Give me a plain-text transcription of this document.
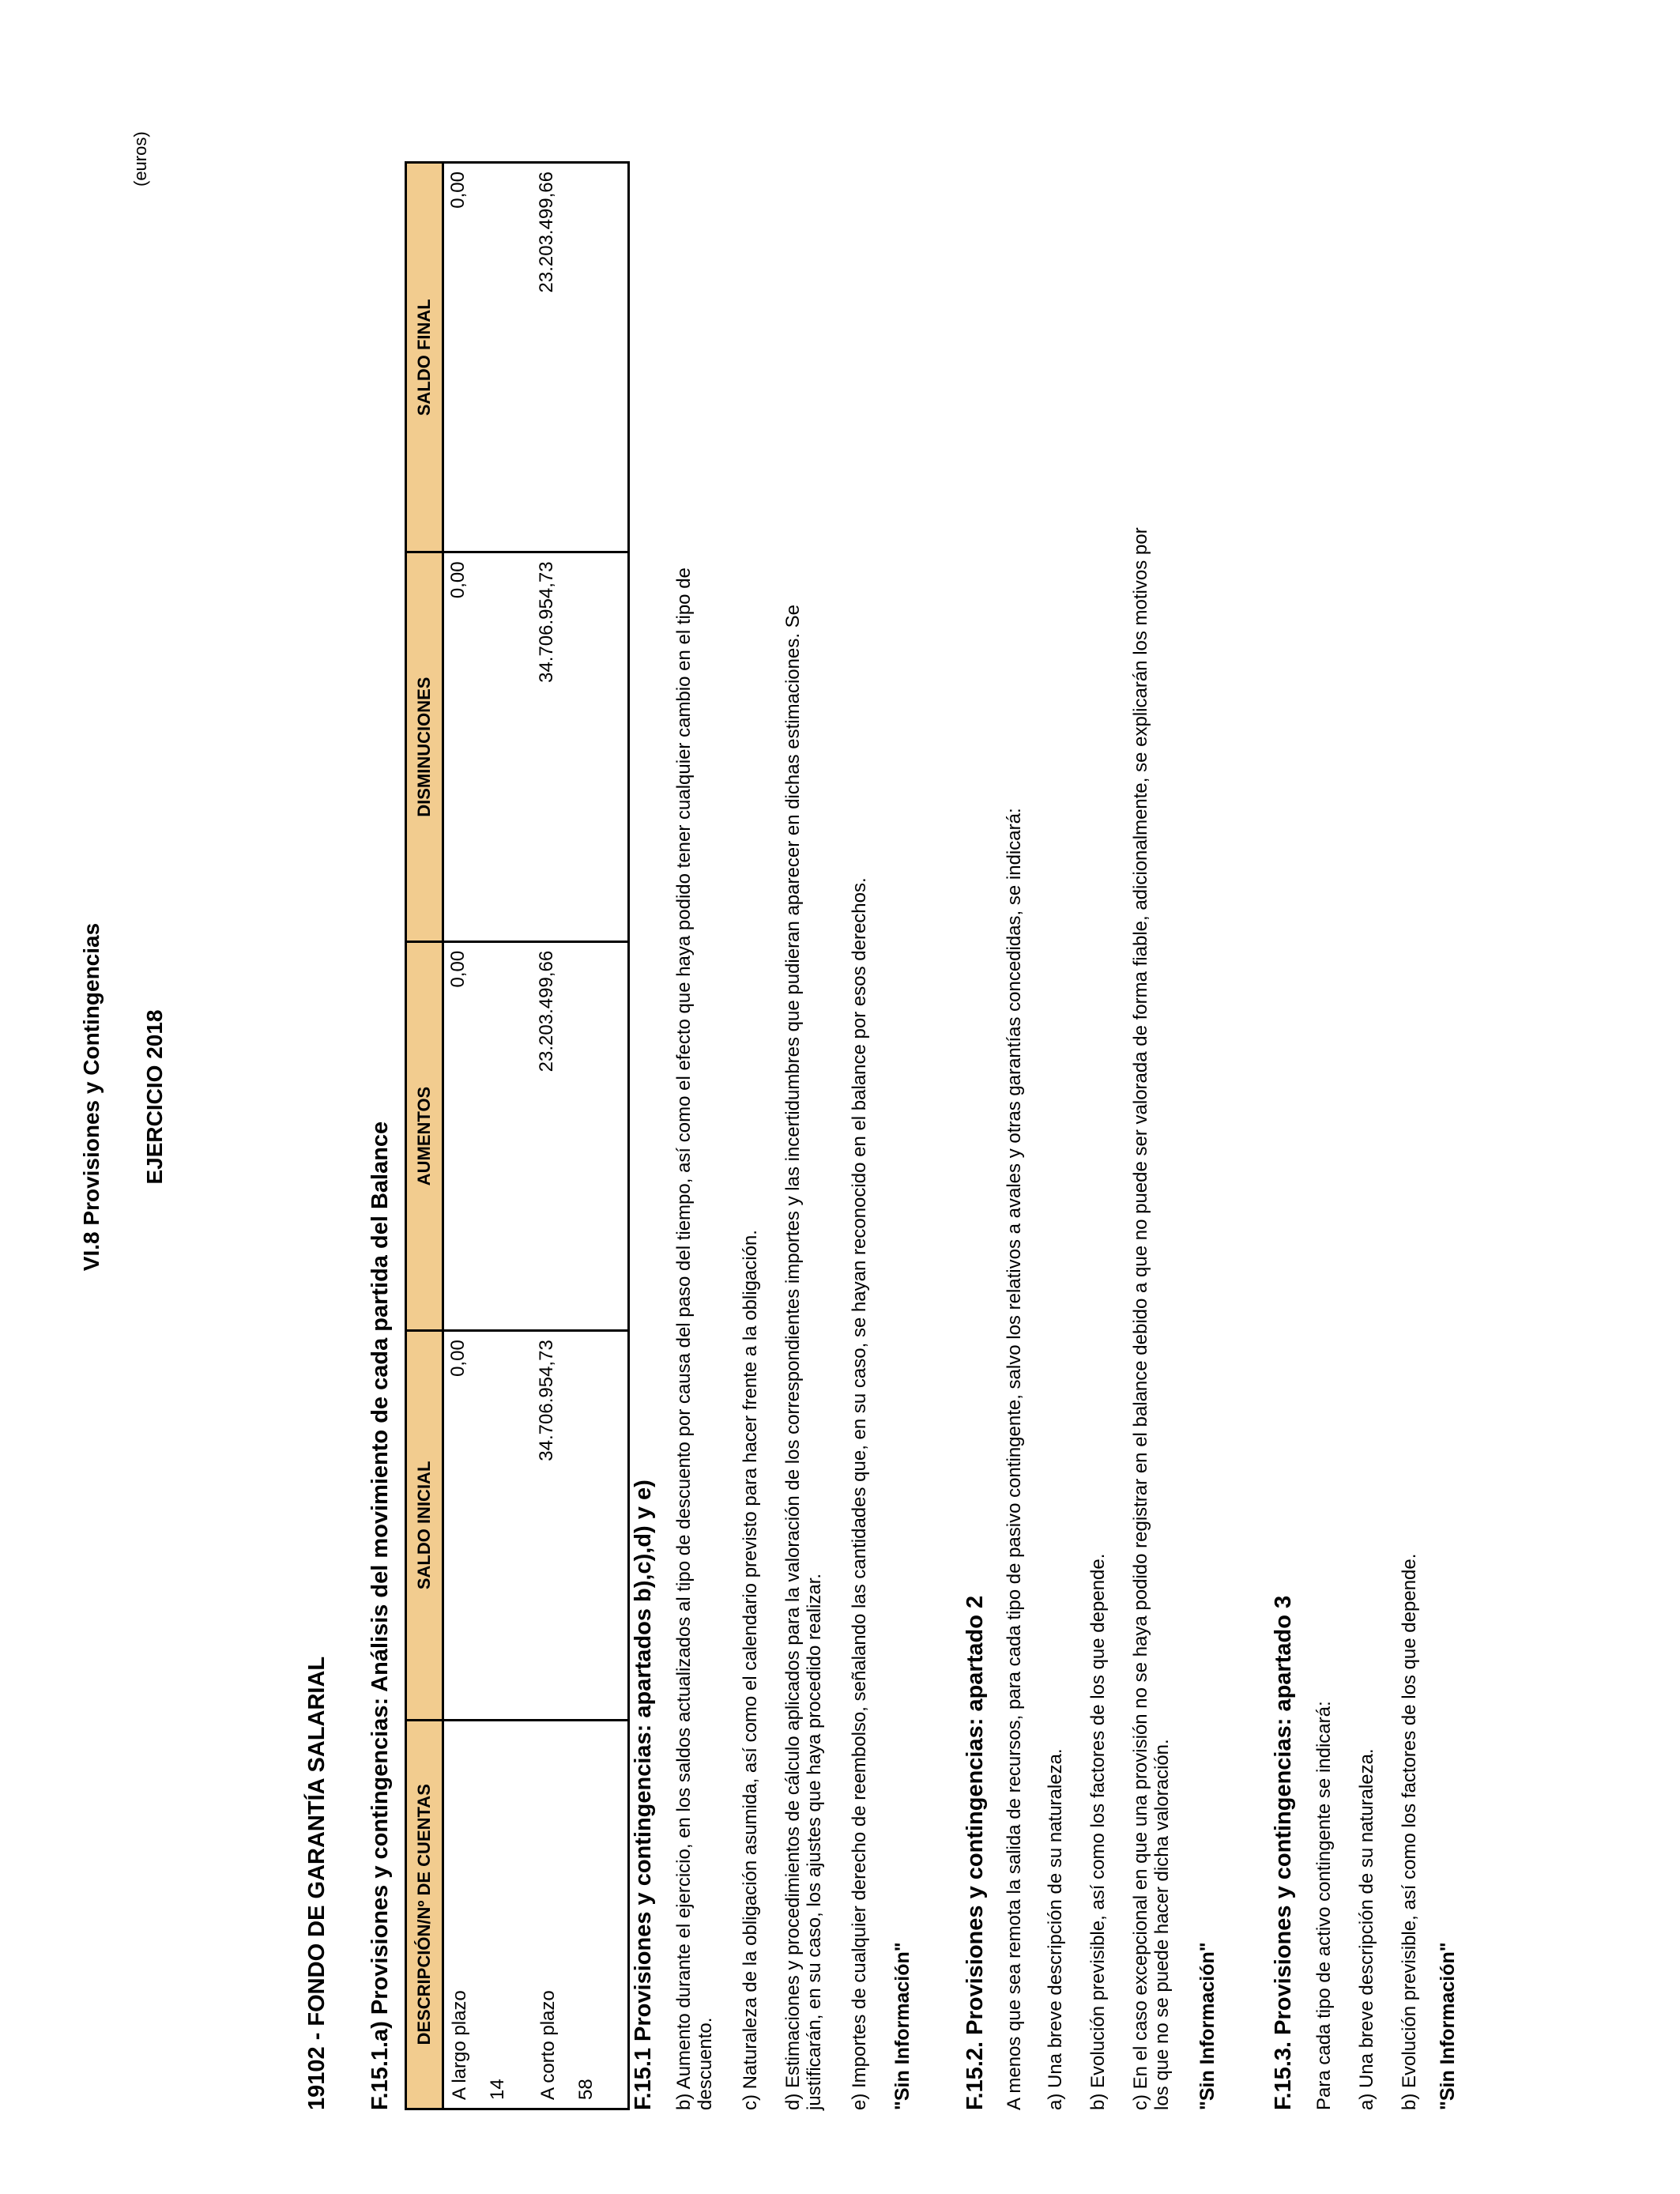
VI.8 Provisiones y Contingencias EJERCICIO 2018
(euros)
19102 - FONDO DE GARANTÍA SALARIAL F.15.1.a) Provisiones y contingencias: Análisis del movimiento de cada partida del Balance DESCRIPCIÓN/Nº DE CUENTAS	SALDO INICIAL	AUMENTOS	DISMINUCIONES	SALDO FINAL

A largo plazo 14	0,00	0,00	0,00	0,00

A corto plazo 58	34.706.954,73	23.203.499,66	34.706.954,73	23.203.499,66
F.15.1 Provisiones y contingencias: apartados b),c),d) y e) b) Aumento durante el ejercicio, en los saldos actualizados al tipo de descuento por causa del paso del tiempo, así como el efecto que haya podido tener cualquier cambio en el tipo de descuento. c) Naturaleza de la obligación asumida, así como el calendario previsto para hacer frente a la obligación. d) Estimaciones y procedimientos de cálculo aplicados para la valoración de los correspondientes importes y las incertidumbres que pudieran aparecer en dichas estimaciones. Se justificarán, en su caso, los ajustes que haya procedido realizar. e) Importes de cualquier derecho de reembolso, señalando las cantidades que, en su caso, se hayan reconocido en el balance por esos derechos. "Sin Información" F.15.2. Provisiones y contingencias: apartado 2 A menos que sea remota la salida de recursos, para cada tipo de pasivo contingente, salvo los relativos a avales y otras garantías concedidas, se indicará: a) Una breve descripción de su naturaleza. b) Evolución previsible, así como los factores de los que depende. c) En el caso excepcional en que una provisión no se haya podido registrar en el balance debido a que no puede ser valorada de forma fiable, adicionalmente, se explicarán los motivos por los que no se puede hacer dicha valoración. "Sin Información" F.15.3. Provisiones y contingencias: apartado 3 Para cada tipo de activo contingente se indicará: a) Una breve descripción de su naturaleza. b) Evolución previsible, así como los factores de los que depende. "Sin Información"
